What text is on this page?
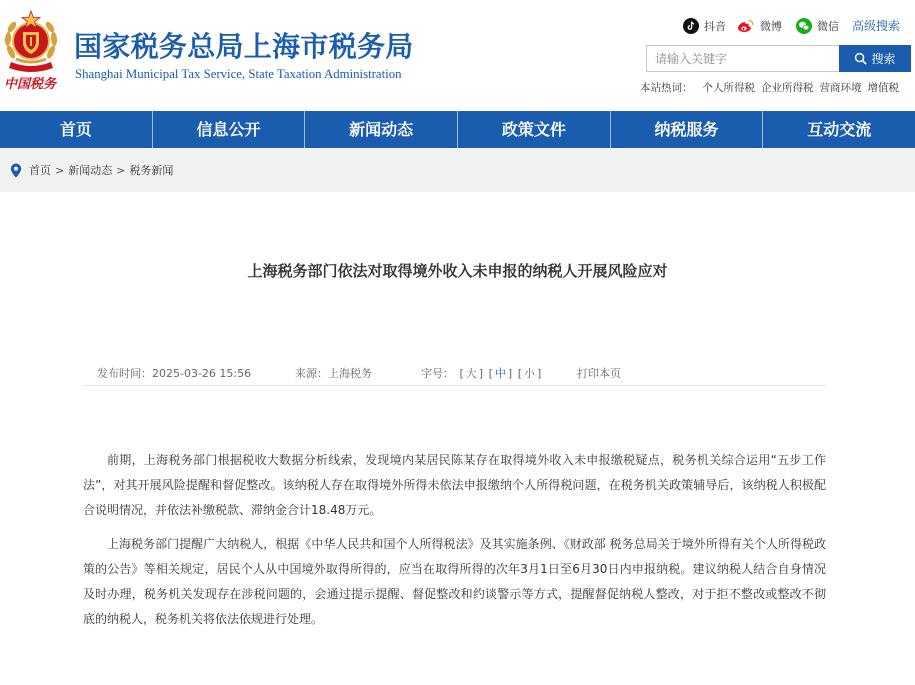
中国税务
国家税务总局上海市税务局
Shanghai Municipal Tax Service, State Taxation Administration
抖音	微博	微信 高级搜索
请输入关键字
搜索
本站热词： 个人所得税 企业所得税 营商环境 增值税
首页	信息公开	新闻动态	政策文件	纳税服务	互动交流
首页 > 新闻动态 > 税务新闻
上海税务部门依法对取得境外收入未申报的纳税人开展风险应对
发布时间：2025-03-26 15:56	来源：上海税务	字号： [ 大 ] [ 中 ] [ 小 ]	打印本页

前期，上海税务部门根据税收大数据分析线索，发现境内某居民陈某存在取得境外收入未申报缴税疑点，税务机关综合运用“五步工作法”，对其开展风险提醒和督促整改。该纳税人存在取得境外所得未依法申报缴纳个人所得税问题，在税务机关政策辅导后，该纳税人积极配合说明情况，并依法补缴税款、滞纳金合计18.48万元。

上海税务部门提醒广大纳税人，根据《中华人民共和国个人所得税法》及其实施条例、《财政部 税务总局关于境外所得有关个人所得税政策的公告》等相关规定，居民个人从中国境外取得所得的，应当在取得所得的次年3月1日至6月30日内申报纳税。建议纳税人结合自身情况及时办理，税务机关发现存在涉税问题的，会通过提示提醒、督促整改和约谈警示等方式，提醒督促纳税人整改，对于拒不整改或整改不彻底的纳税人，税务机关将依法依规进行处理。
